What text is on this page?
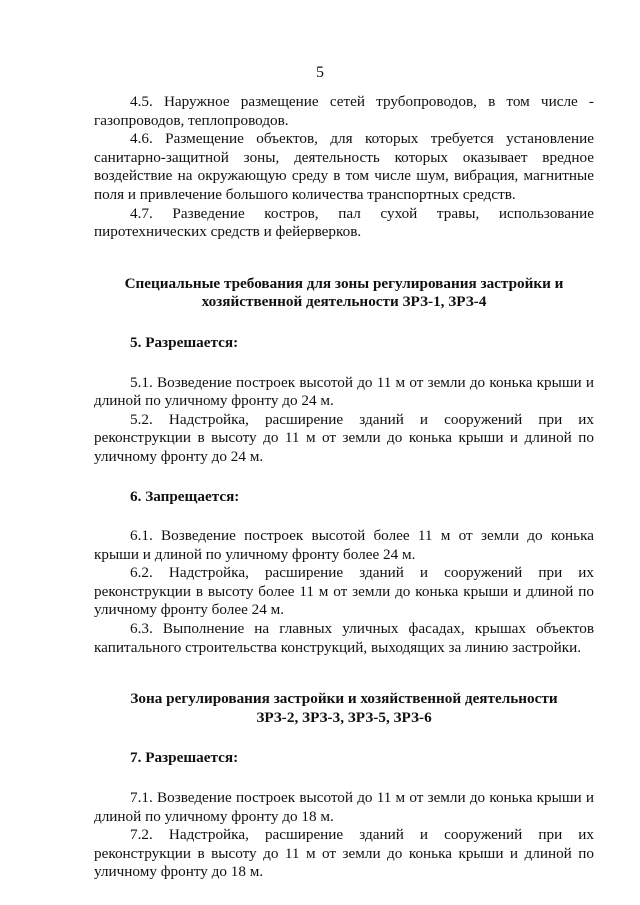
5

4.5. Наружное размещение сетей трубопроводов, в том числе - газопроводов, теплопроводов.

4.6. Размещение объектов, для которых требуется установление санитарно-защитной зоны, деятельность которых оказывает вредное воздействие на окружающую среду в том числе шум, вибрация, магнитные поля и привлечение большого количества транспортных средств.

4.7. Разведение костров, пал сухой травы, использование пиротехнических средств и фейерверков.

Специальные требования для зоны регулирования застройки и хозяйственной деятельности ЗРЗ-1, ЗРЗ-4

5. Разрешается:

5.1. Возведение построек высотой до 11 м от земли до конька крыши и длиной по уличному фронту до 24 м.

5.2. Надстройка, расширение зданий и сооружений при их реконструкции в высоту до 11 м от земли до конька крыши и длиной по уличному фронту до 24 м.

6. Запрещается:

6.1. Возведение построек высотой более 11 м от земли до конька крыши и длиной по уличному фронту более 24 м.

6.2. Надстройка, расширение зданий и сооружений при их реконструкции в высоту более 11 м от земли до конька крыши и длиной по уличному фронту более 24 м.

6.3. Выполнение на главных уличных фасадах, крышах объектов капитального строительства конструкций, выходящих за линию застройки.

Зона регулирования застройки и хозяйственной деятельности ЗРЗ-2, ЗРЗ-3, ЗРЗ-5, ЗРЗ-6

7. Разрешается:

7.1. Возведение построек высотой до 11 м от земли до конька крыши и длиной по уличному фронту до 18 м.

7.2. Надстройка, расширение зданий и сооружений при их реконструкции в высоту до 11 м от земли до конька крыши и длиной по уличному фронту до 18 м.
